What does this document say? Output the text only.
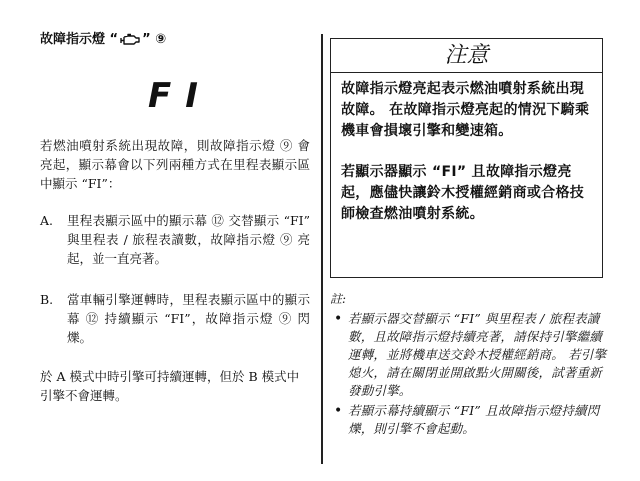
故障指示燈 “ ” ⑨
FI

若燃油噴射系統出現故障，則故障指示燈 ⑨ 會亮起，顯示幕會以下列兩種方式在里程表顯示區中顯示 “FI”：

A.	里程表顯示區中的顯示幕 ⑫ 交替顯示 “FI” 與里程表 / 旅程表讀數，故障指示燈 ⑨ 亮起，並一直亮著。
B.	當車輛引擎運轉時，里程表顯示區中的顯示幕 ⑫ 持續顯示 “FI”，故障指示燈 ⑨ 閃爍。

於 A 模式中時引擎可持續運轉，但於 B 模式中引擎不會運轉。

注意

故障指示燈亮起表示燃油噴射系統出現故障。 在故障指示燈亮起的情況下騎乘機車會損壞引擎和變速箱。

若顯示器顯示 “FI” 且故障指示燈亮起，應儘快讓鈴木授權經銷商或合格技師檢查燃油噴射系統。

註:
• 若顯示器交替顯示 “FI” 與里程表 / 旅程表讀數，且故障指示燈持續亮著，請保持引擎繼續運轉，並將機車送交鈴木授權經銷商。 若引擎熄火，請在關閉並開啟點火開關後，試著重新發動引擎。
• 若顯示幕持續顯示 “FI” 且故障指示燈持續閃爍，則引擎不會起動。
